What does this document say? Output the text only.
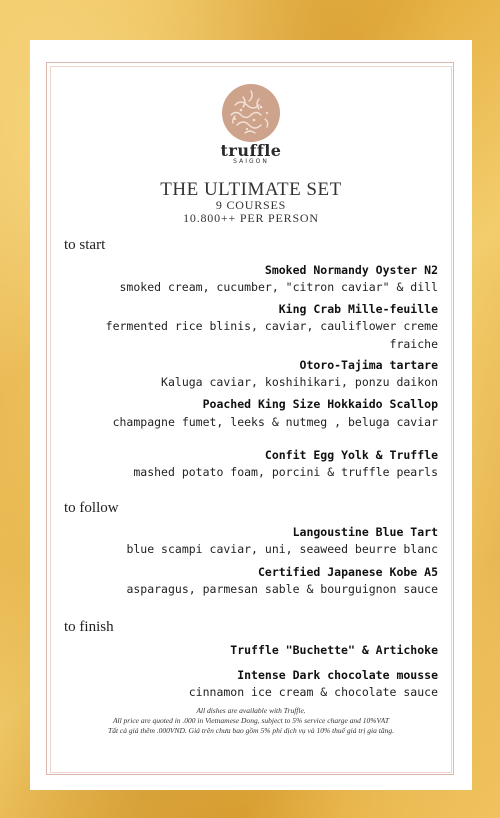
truffle
SAIGON
THE ULTIMATE SET
9 COURSES
10.800++ PER PERSON
to start
Smoked Normandy Oyster N2
smoked cream, cucumber, "citron caviar" & dill
King Crab Mille-feuille
fermented rice blinis, caviar, cauliflower creme
fraiche
Otoro-Tajima tartare
Kaluga caviar, koshihikari, ponzu daikon
Poached King Size Hokkaido Scallop
champagne fumet, leeks & nutmeg , beluga caviar
Confit Egg Yolk & Truffle
mashed potato foam, porcini & truffle pearls
to follow
Langoustine Blue Tart
blue scampi caviar, uni, seaweed beurre blanc
Certified Japanese Kobe A5
asparagus, parmesan sable & bourguignon sauce
to finish
Truffle "Buchette" & Artichoke
Intense Dark chocolate mousse
cinnamon ice cream & chocolate sauce
All dishes are available with Truffle.
All price are quoted in .000 in Vietnamese Dong, subject to 5% service charge and 10%VAT
Tất cả giá thêm .000VND. Giá trên chưa bao gồm 5% phí dịch vụ và 10% thuế giá trị gia tăng.
